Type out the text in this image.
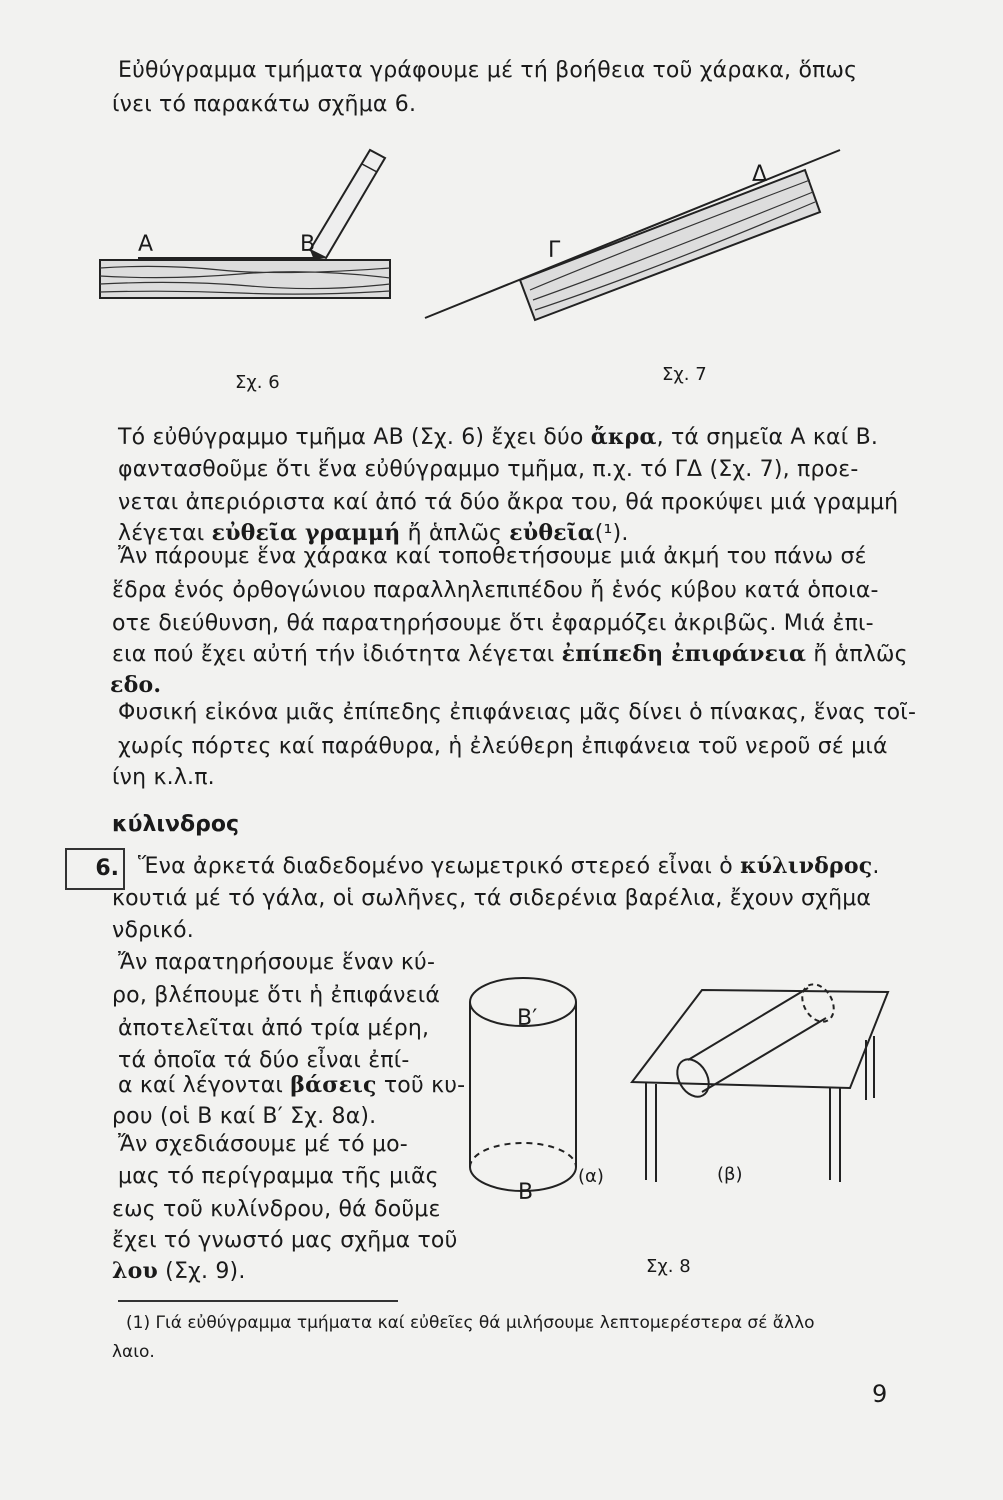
Εὐθύγραμμα τμήματα γράφουμε μέ τή βοήθεια τοῦ χάρακα, ὅπως
ίνει τό παρακάτω σχῆμα 6.
Α	Β
Σχ. 6
Γ
Δ
Σχ. 7
Τό εὐθύγραμμο τμῆμα ΑΒ (Σχ. 6) ἔχει δύο ἄκρα, τά σημεῖα Α καί Β.
φαντασθοῦμε ὅτι ἕνα εὐθύγραμμο τμῆμα, π.χ. τό ΓΔ (Σχ. 7), προε-
νεται ἀπεριόριστα καί ἀπό τά δύο ἄκρα του, θά προκύψει μιά γραμμή
λέγεται εὐθεῖα γραμμή ἤ ἁπλῶς εὐθεῖα(¹).
Ἄν πάρουμε ἕνα χάρακα καί τοποθετήσουμε μιά ἀκμή του πάνω σέ
ἕδρα ἑνός ὀρθογώνιου παραλληλεπιπέδου ἤ ἑνός κύβου κατά ὁποια-
οτε διεύθυνση, θά παρατηρήσουμε ὅτι ἐφαρμόζει ἀκριβῶς. Μιά ἐπι-
εια πού ἔχει αὐτή τήν ἰδιότητα λέγεται ἐπίπεδη ἐπιφάνεια ἤ ἁπλῶς
εδο.
Φυσική εἰκόνα μιᾶς ἐπίπεδης ἐπιφάνειας μᾶς δίνει ὁ πίνακας, ἕνας τοῖ-
χωρίς πόρτες καί παράθυρα, ἡ ἐλεύθερη ἐπιφάνεια τοῦ νεροῦ σέ μιά
ίνη κ.λ.π.
κύλινδρος
6. Ἕνα ἀρκετά διαδεδομένο γεωμετρικό στερεό εἶναι ὁ κύλινδρος.
κουτιά μέ τό γάλα, οἱ σωλῆνες, τά σιδερένια βαρέλια, ἔχουν σχῆμα
νδρικό.
Ἄν παρατηρήσουμε ἕναν κύ-
ρο, βλέπουμε ὅτι ἡ ἐπιφάνειά
ἀποτελεῖται ἀπό τρία μέρη,
τά ὁποῖα τά δύο εἶναι ἐπί-
α καί λέγονται βάσεις τοῦ κυ-
ρου (οἱ Β καί Β′ Σχ. 8α).
Ἄν σχεδιάσουμε μέ τό μο-
μας τό περίγραμμα τῆς μιᾶς
εως τοῦ κυλίνδρου, θά δοῦμε
ἔχει τό γνωστό μας σχῆμα τοῦ
λου (Σχ. 9).
Β′
Β
(α)	(β)
Σχ. 8
(1) Γιά εὐθύγραμμα τμήματα καί εὐθεῖες θά μιλήσουμε λεπτομερέστερα σέ ἄλλο
λαιο.
9
